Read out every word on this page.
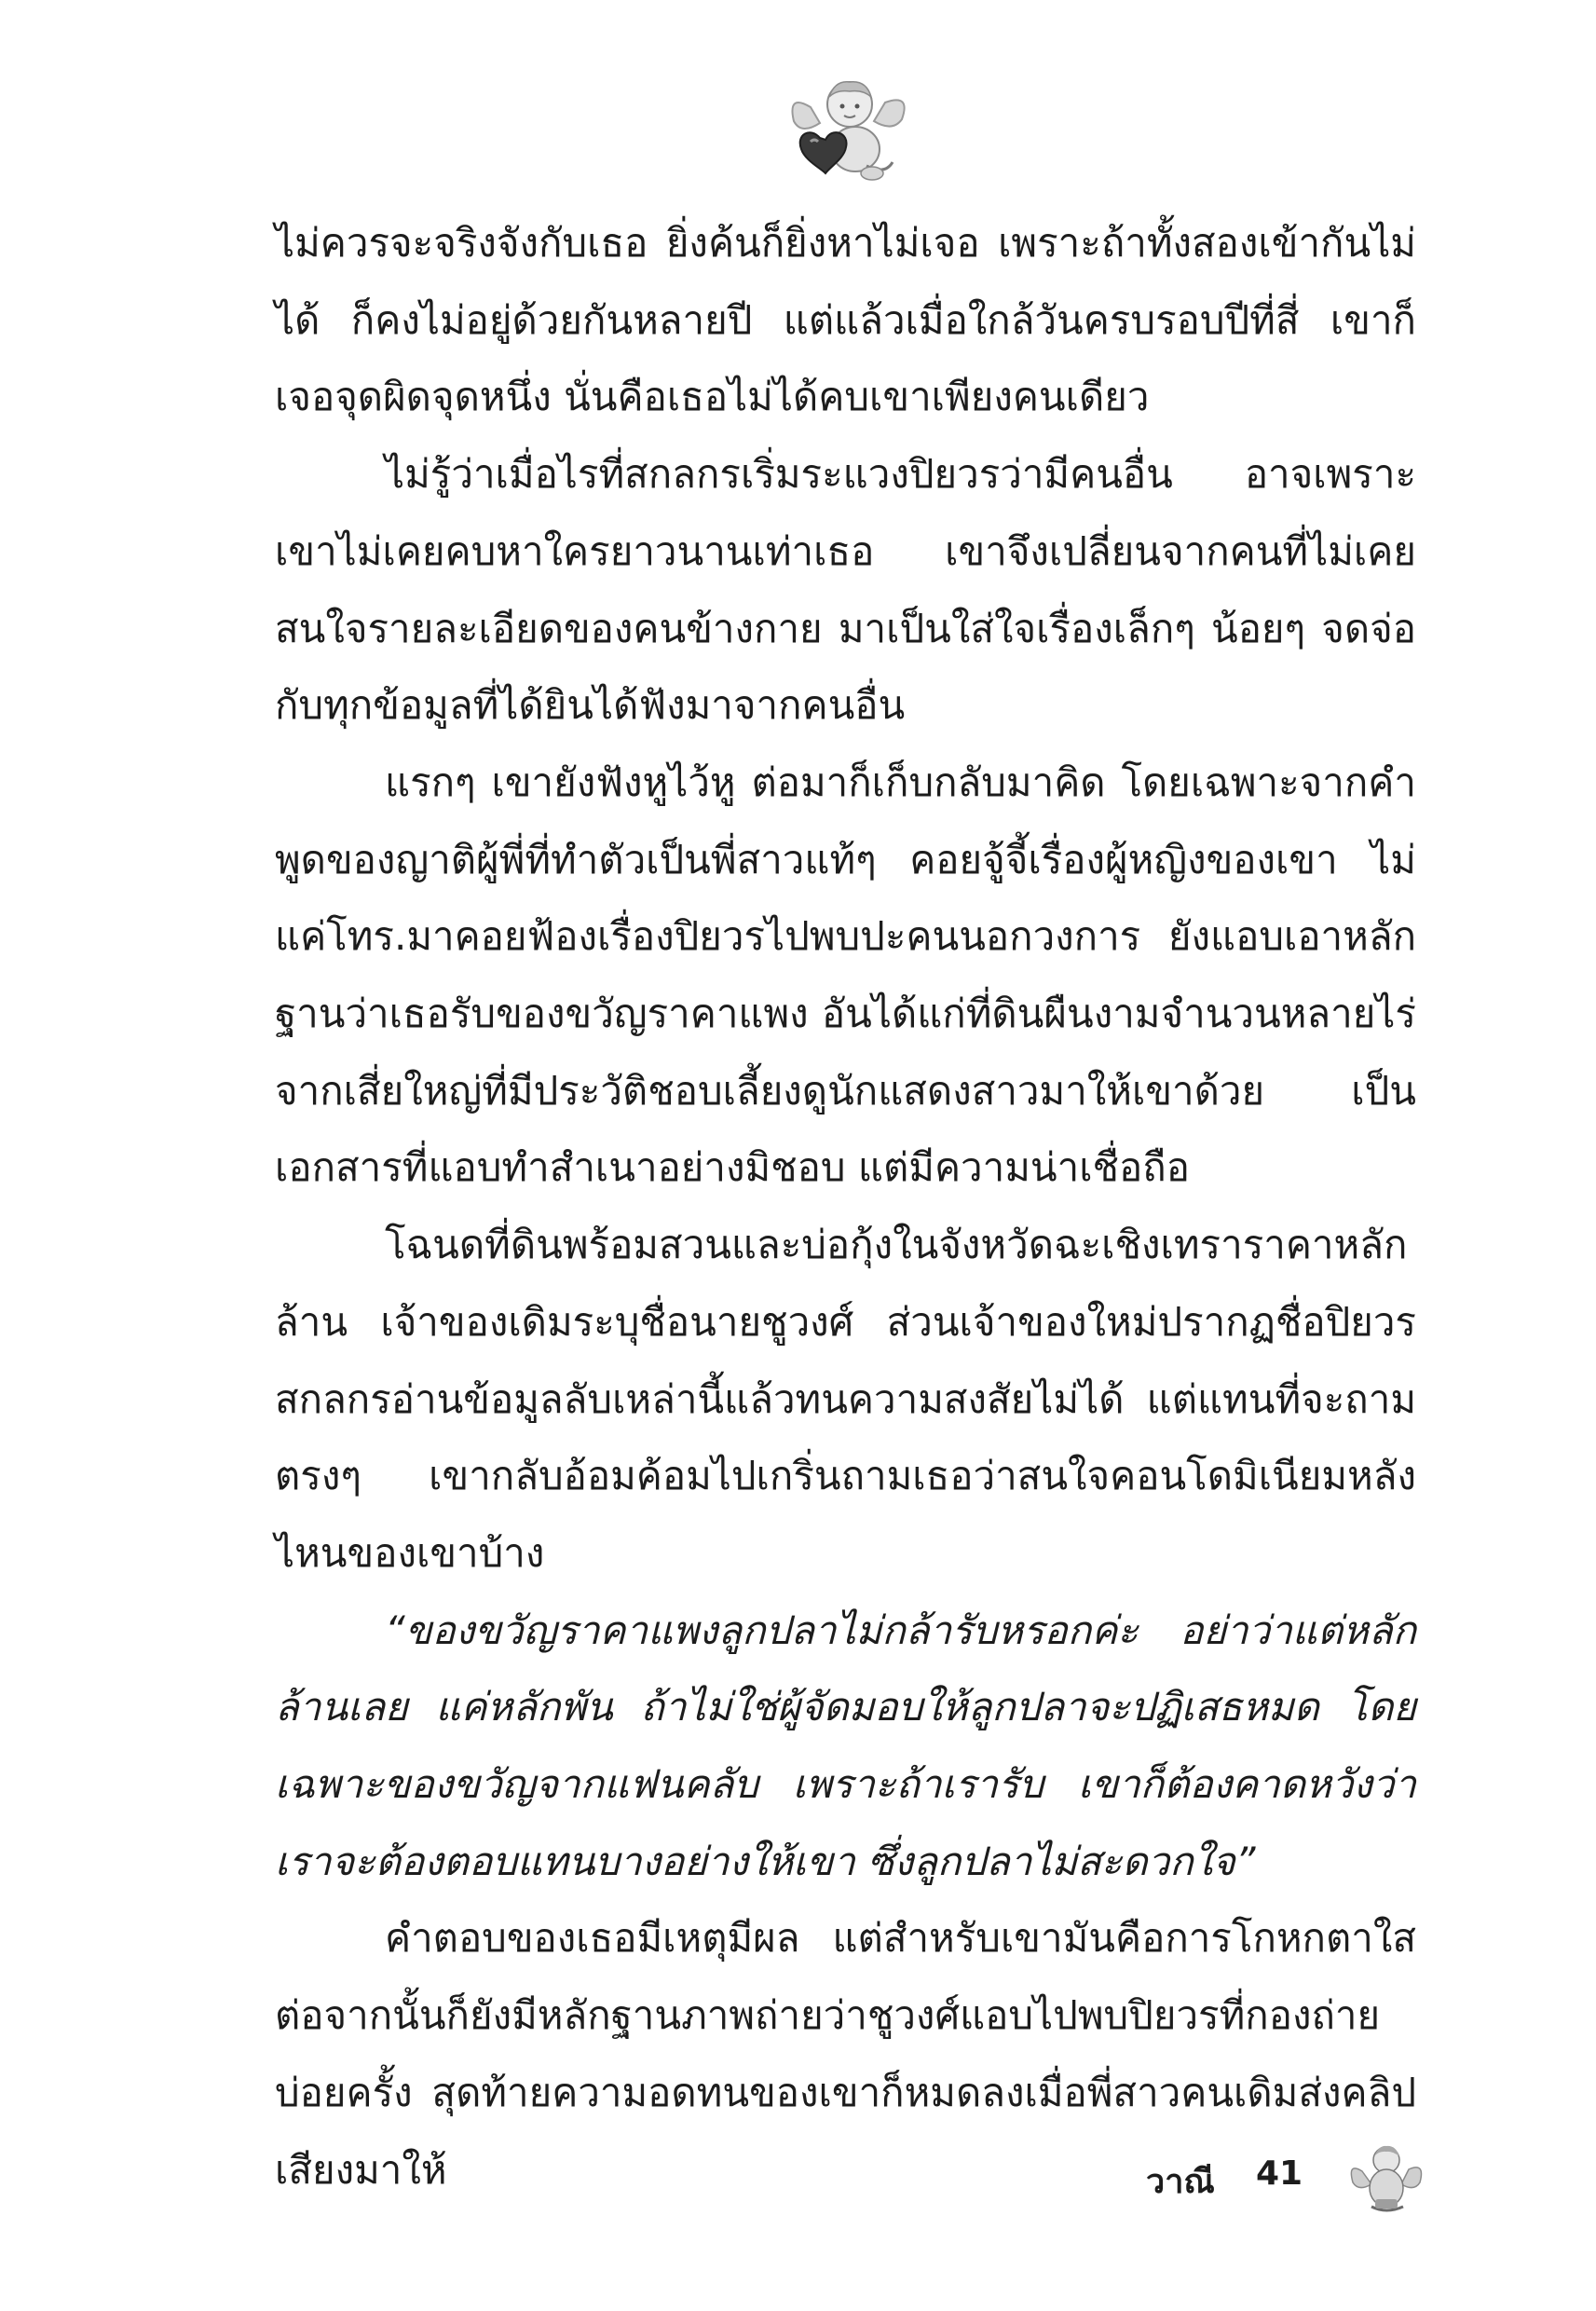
ไม่ควรจะจริงจังกับเธอ ยิ่งค้นก็ยิ่งหาไม่เจอ เพราะถ้าทั้งสองเข้ากันไม่ได้ ก็คงไม่อยู่ด้วยกันหลายปี แต่แล้วเมื่อใกล้วันครบรอบปีที่สี่ เขาก็เจอจุดผิดจุดหนึ่ง นั่นคือเธอไม่ได้คบเขาเพียงคนเดียว

ไม่รู้ว่าเมื่อไรที่สกลกรเริ่มระแวงปิยวรว่ามีคนอื่น อาจเพราะเขาไม่เคยคบหาใครยาวนานเท่าเธอ เขาจึงเปลี่ยนจากคนที่ไม่เคยสนใจรายละเอียดของคนข้างกาย มาเป็นใส่ใจเรื่องเล็กๆ น้อยๆ จดจ่อกับทุกข้อมูลที่ได้ยินได้ฟังมาจากคนอื่น

แรกๆ เขายังฟังหูไว้หู ต่อมาก็เก็บกลับมาคิด โดยเฉพาะจากคำพูดของญาติผู้พี่ที่ทำตัวเป็นพี่สาวแท้ๆ คอยจู้จี้เรื่องผู้หญิงของเขา ไม่แค่โทร.มาคอยฟ้องเรื่องปิยวรไปพบปะคนนอกวงการ ยังแอบเอาหลักฐานว่าเธอรับของขวัญราคาแพง อันได้แก่ที่ดินผืนงามจำนวนหลายไร่จากเสี่ยใหญ่ที่มีประวัติชอบเลี้ยงดูนักแสดงสาวมาให้เขาด้วย เป็นเอกสารที่แอบทำสำเนาอย่างมิชอบ แต่มีความน่าเชื่อถือ

โฉนดที่ดินพร้อมสวนและบ่อกุ้งในจังหวัดฉะเชิงเทราราคาหลักล้าน เจ้าของเดิมระบุชื่อนายชูวงศ์ ส่วนเจ้าของใหม่ปรากฏชื่อปิยวร สกลกรอ่านข้อมูลลับเหล่านี้แล้วทนความสงสัยไม่ได้ แต่แทนที่จะถามตรงๆ เขากลับอ้อมค้อมไปเกริ่นถามเธอว่าสนใจคอนโดมิเนียมหลังไหนของเขาบ้าง

“ของขวัญราคาแพงลูกปลาไม่กล้ารับหรอกค่ะ อย่าว่าแต่หลักล้านเลย แค่หลักพัน ถ้าไม่ใช่ผู้จัดมอบให้ลูกปลาจะปฏิเสธหมด โดยเฉพาะของขวัญจากแฟนคลับ เพราะถ้าเรารับ เขาก็ต้องคาดหวังว่าเราจะต้องตอบแทนบางอย่างให้เขา ซึ่งลูกปลาไม่สะดวกใจ”

คำตอบของเธอมีเหตุมีผล แต่สำหรับเขามันคือการโกหกตาใส ต่อจากนั้นก็ยังมีหลักฐานภาพถ่ายว่าชูวงศ์แอบไปพบปิยวรที่กองถ่ายบ่อยครั้ง สุดท้ายความอดทนของเขาก็หมดลงเมื่อพี่สาวคนเดิมส่งคลิปเสียงมาให้	วาณี 41
